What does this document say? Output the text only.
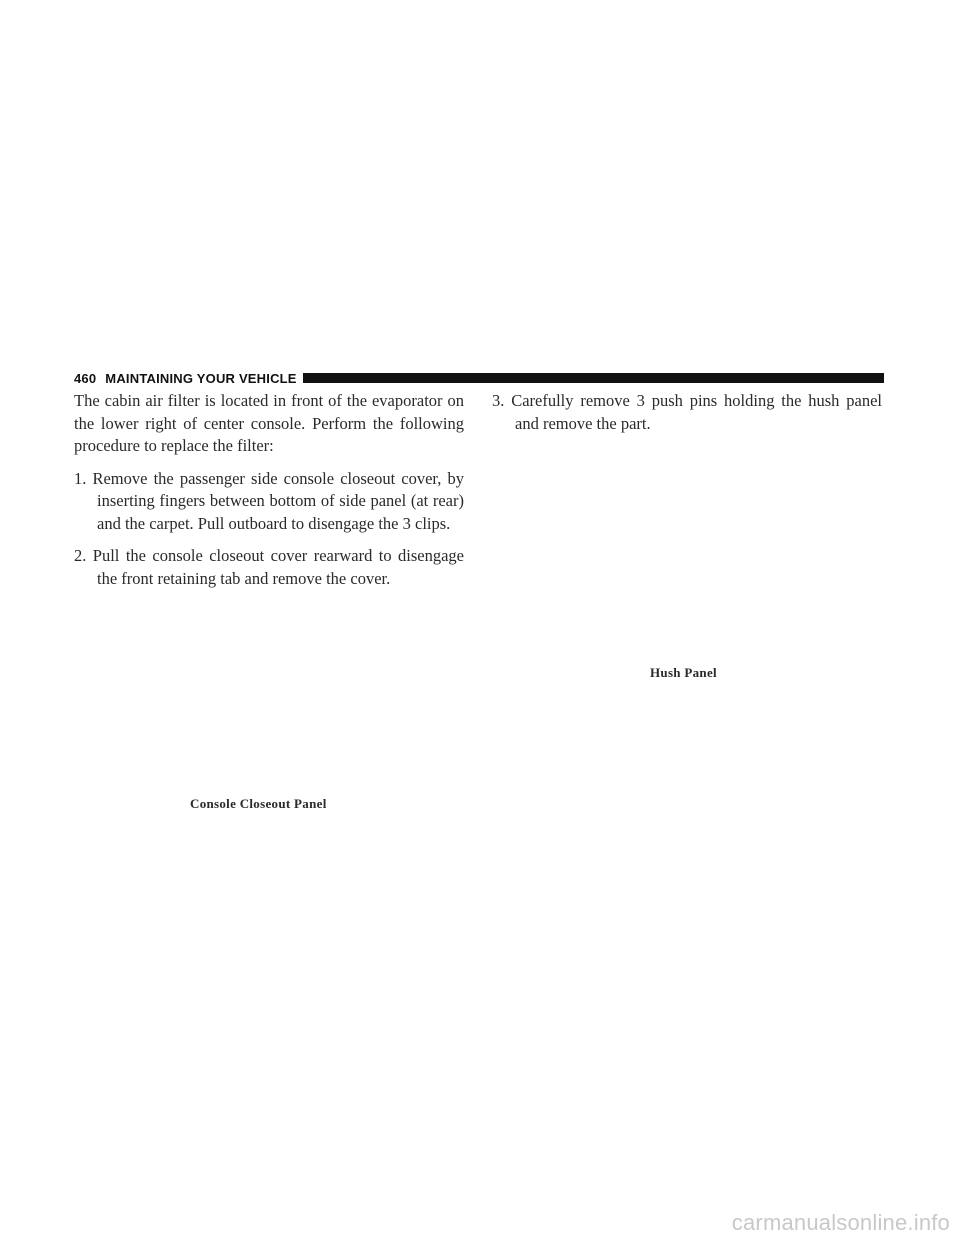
460 MAINTAINING YOUR VEHICLE

The cabin air filter is located in front of the evaporator on the lower right of center console. Perform the following procedure to replace the filter:

1. Remove the passenger side console closeout cover, by inserting fingers between bottom of side panel (at rear) and the carpet. Pull outboard to disengage the 3 clips.

2. Pull the console closeout cover rearward to disengage the front retaining tab and remove the cover.

3. Carefully remove 3 push pins holding the hush panel and remove the part.

Console Closeout Panel
Hush Panel
carmanualsonline.info
